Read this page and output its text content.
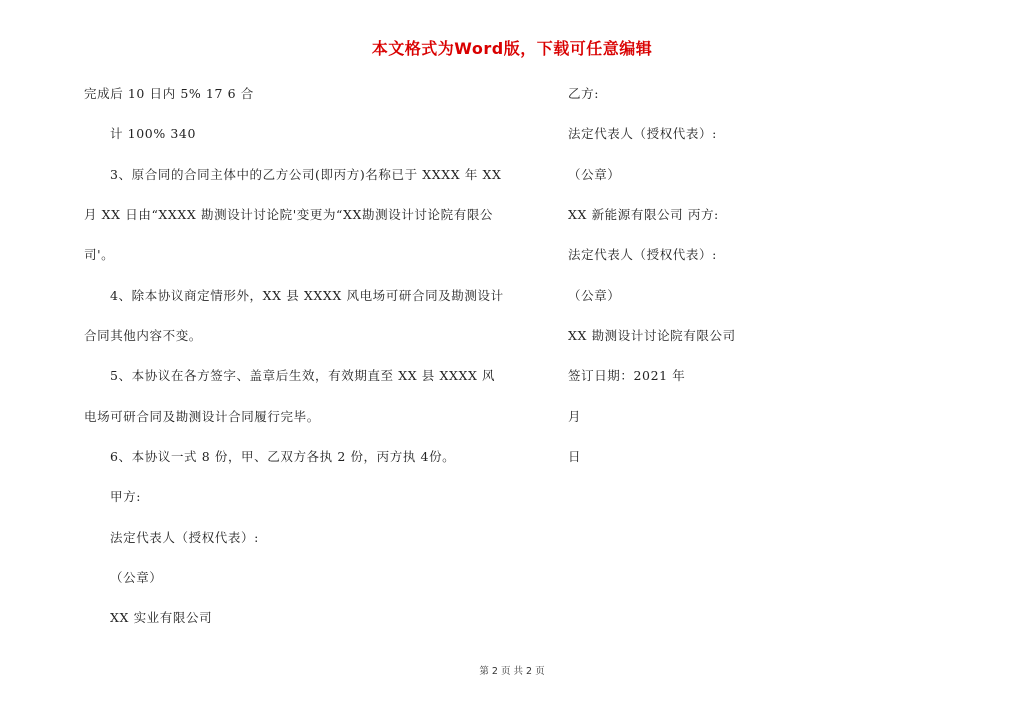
本文格式为Word版，下载可任意编辑
完成后 10 日内 5% 17 6 合
计 100% 340
3、原合同的合同主体中的乙方公司(即丙方)名称已于 XXXX 年 XX
月 XX 日由“XXXX 勘测设计讨论院'变更为“XX勘测设计讨论院有限公
司'。
4、除本协议商定情形外，XX 县 XXXX 风电场可研合同及勘测设计
合同其他内容不变。
5、本协议在各方签字、盖章后生效，有效期直至 XX 县 XXXX 风
电场可研合同及勘测设计合同履行完毕。
6、本协议一式 8 份，甲、乙双方各执 2 份，丙方执 4份。
甲方:
法定代表人（授权代表）:
（公章）
XX 实业有限公司
乙方:
法定代表人（授权代表）:
（公章）
XX 新能源有限公司 丙方:
法定代表人（授权代表）:
（公章）
XX 勘测设计讨论院有限公司
签订日期：2021 年
月
日
第 2 页 共 2 页
